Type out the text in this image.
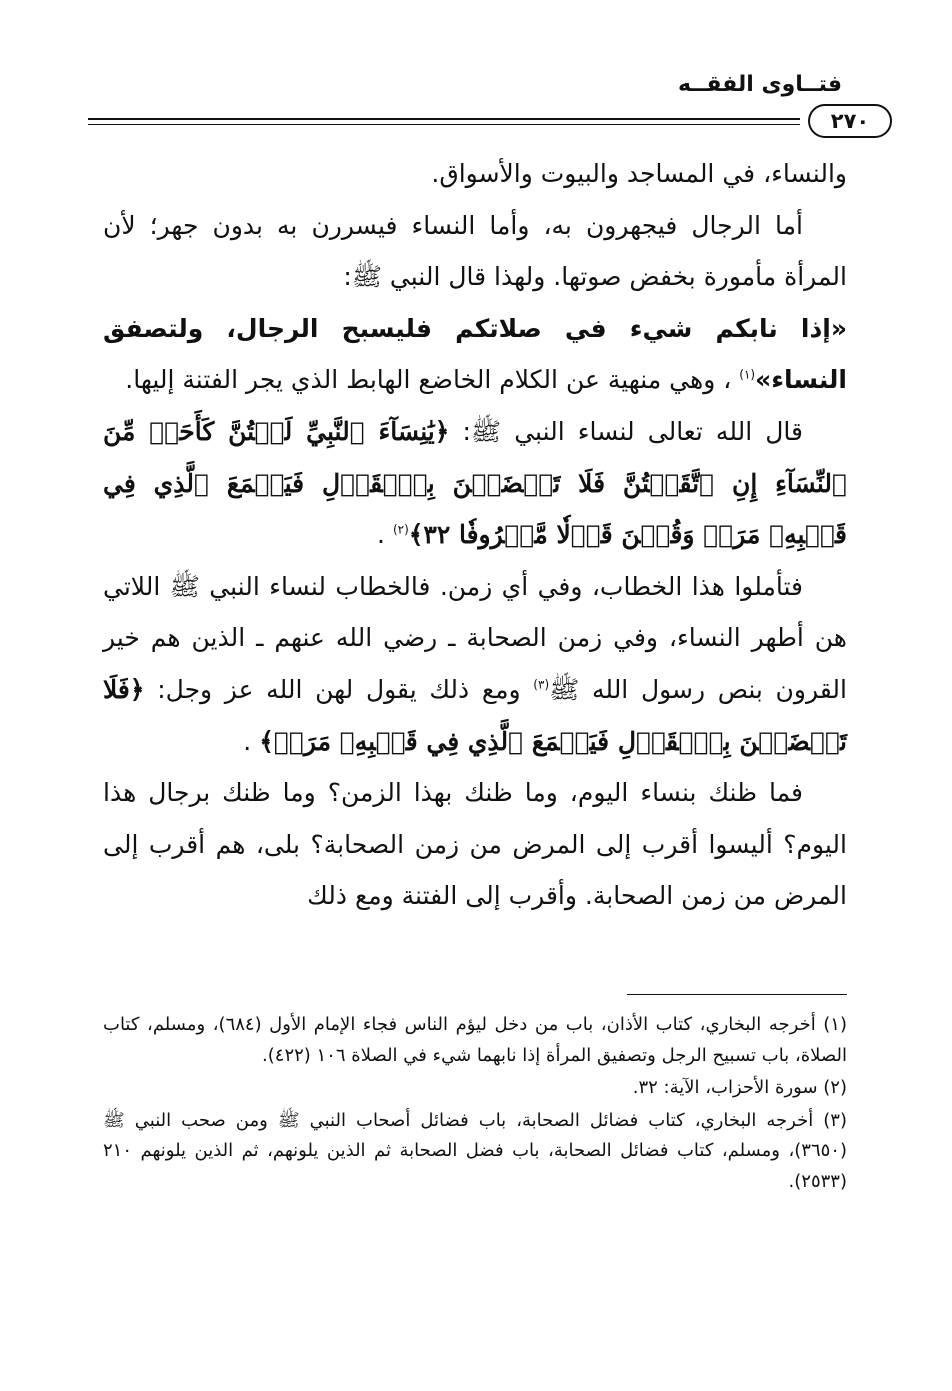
فتــاوى الفقــه
٢٧٠

والنساء، في المساجد والبيوت والأسواق.

أما الرجال فيجهرون به، وأما النساء فيسررن به بدون جهر؛ لأن المرأة مأمورة بخفض صوتها. ولهذا قال النبي ﷺ:

«إذا نابكم شيء في صلاتكم فليسبح الرجال، ولتصفق النساء»$^{(١)}$ ، وهي منهية عن الكلام الخاضع الهابط الذي يجر الفتنة إليها.

قال الله تعالى لنساء النبي ﷺ: ﴿يَٰنِسَآءَ ٱلنَّبِيِّ لَسۡتُنَّ كَأَحَدٖ مِّنَ ٱلنِّسَآءِ إِنِ ٱتَّقَيۡتُنَّ فَلَا تَخۡضَعۡنَ بِٱلۡقَوۡلِ فَيَطۡمَعَ ٱلَّذِي فِي قَلۡبِهِۦ مَرَضٞ وَقُلۡنَ قَوۡلٗا مَّعۡرُوفٗا ٣٢﴾$^{(٢)}$ .

فتأملوا هذا الخطاب، وفي أي زمن. فالخطاب لنساء النبي ﷺ اللاتي هن أطهر النساء، وفي زمن الصحابة ـ رضي الله عنهم ـ الذين هم خير القرون بنص رسول الله ﷺ$^{(٣)}$ ومع ذلك يقول لهن الله عز وجل: ﴿فَلَا تَخۡضَعۡنَ بِٱلۡقَوۡلِ فَيَطۡمَعَ ٱلَّذِي فِي قَلۡبِهِۦ مَرَضٞ﴾ .

فما ظنك بنساء اليوم، وما ظنك بهذا الزمن؟ وما ظنك برجال هذا اليوم؟ أليسوا أقرب إلى المرض من زمن الصحابة؟ بلى، هم أقرب إلى المرض من زمن الصحابة. وأقرب إلى الفتنة ومع ذلك

(١) أخرجه البخاري، كتاب الأذان، باب من دخل ليؤم الناس فجاء الإمام الأول (٦٨٤)، ومسلم، كتاب الصلاة، باب تسبيح الرجل وتصفيق المرأة إذا نابهما شيء في الصلاة ١٠٦ (٤٢٢).

(٢) سورة الأحزاب، الآية: ٣٢.

(٣) أخرجه البخاري، كتاب فضائل الصحابة، باب فضائل أصحاب النبي ﷺ ومن صحب النبي ﷺ (٣٦٥٠)، ومسلم، كتاب فضائل الصحابة، باب فضل الصحابة ثم الذين يلونهم، ثم الذين يلونهم ٢١٠ (٢٥٣٣).
